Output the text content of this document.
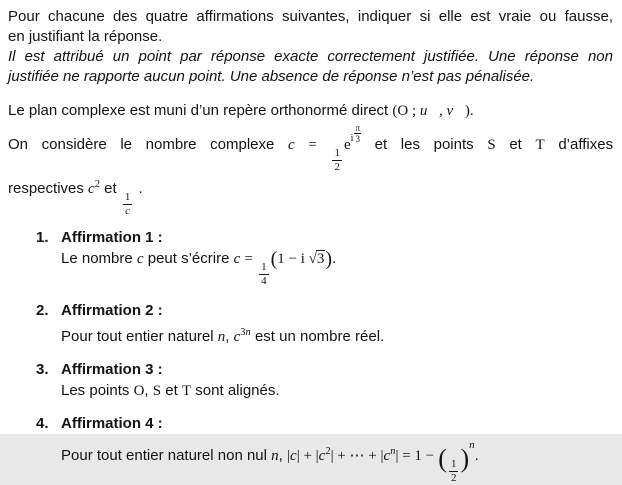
Pour chacune des quatre affirmations suivantes, indiquer si elle est vraie ou fausse,
en justifiant la réponse.
Il est attribué un point par réponse exacte correctement justifiée. Une réponse non
justifiée ne rapporte aucun point. Une absence de réponse n’est pas pénalisée.
Le plan complexe est muni d’un repère orthonormé direct (O ; u⃗, v⃗).
On considère le nombre complexe c =
$\frac{1}{2}$
e i $\frac{\pi}{3}$
et les points S et T d’affixes
respectives $c^2$ et
$\frac{1}{c}$
.
1. Affirmation 1 :
Le nombre c peut s’écrire c =
$\frac{1}{4}$
(1 − i √3).
2. Affirmation 2 :
Pour tout entier naturel n, $c^{3n}$ est un nombre réel.
3. Affirmation 3 :
Les points O, S et T sont alignés.
4. Affirmation 4 :
Pour tout entier naturel non nul n, $|c| + |c^2|$ + ⋯ + $|c^n| = 1$ − ( $\frac{1}{2} )^n$.
